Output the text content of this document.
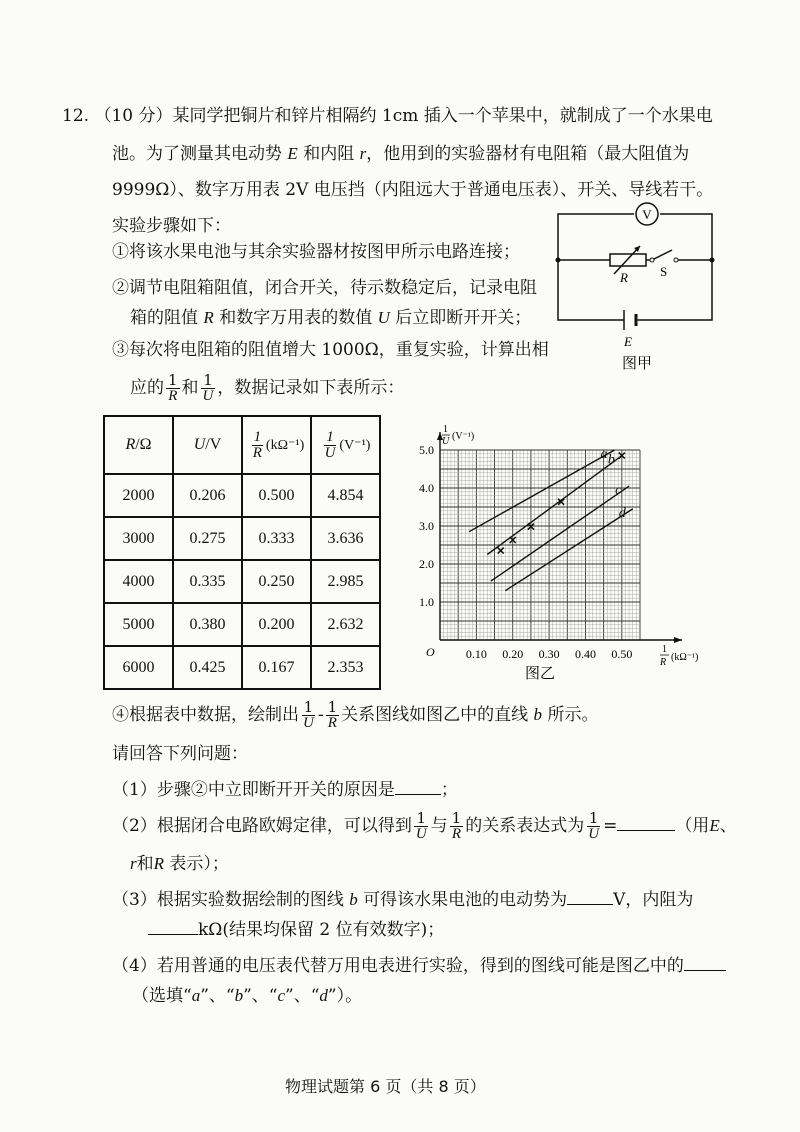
12. （10 分）某同学把铜片和锌片相隔约 1cm 插入一个苹果中，就制成了一个水果电
池。为了测量其电动势 E 和内阻 r，他用到的实验器材有电阻箱（最大阻值为
9999Ω）、数字万用表 2V 电压挡（内阻远大于普通电压表）、开关、导线若干。
实验步骤如下：
①将该水果电池与其余实验器材按图甲所示电路连接；
②调节电阻箱阻值，闭合开关，待示数稳定后，记录电阻
箱的阻值 R 和数字万用表的数值 U 后立即断开开关；
③每次将电阻箱的阻值增大 1000Ω，重复实验，计算出相
应的 $\frac{1}{R}$ 和 $\frac{1}{U}$ ，数据记录如下表所示：
V
R S
E
图甲
R/Ω	U/V	$\frac{1}{R} (k\Omega^{-1})$	$\frac{1}{U} (V^{-1})$
2000	0.206	0.500	4.854
3000	0.275	0.333	3.636
4000	0.335	0.250	2.985
5000	0.380	0.200	2.632
6000	0.425	0.167	2.353
a b
c
d
0.10 0.20 0.30 0.40 0.50
1.0
2.0
3.0
4.0
5.0
O
1
U (V⁻¹)
1
R (kΩ⁻¹)
图乙
④根据表中数据，绘制出 $\frac{1}{U} - \frac{1}{R}$ 关系图线如图乙中的直线 b 所示。
请回答下列问题：
（1）步骤②中立即断开开关的原因是	；
（2）根据闭合电路欧姆定律，可以得到 $\frac{1}{U}$ 与 $\frac{1}{R}$ 的关系表达式为 $\frac{1}{U}$ =	（用E、
r和R 表示）；
（3）根据实验数据绘制的图线 b 可得该水果电池的电动势为	V，内阻为
kΩ(结果均保留 2 位有效数字)；
（4）若用普通的电压表代替万用电表进行实验，得到的图线可能是图乙中的
（选填“a”、“b”、“c”、“d”）。
物理试题第 6 页（共 8 页）
